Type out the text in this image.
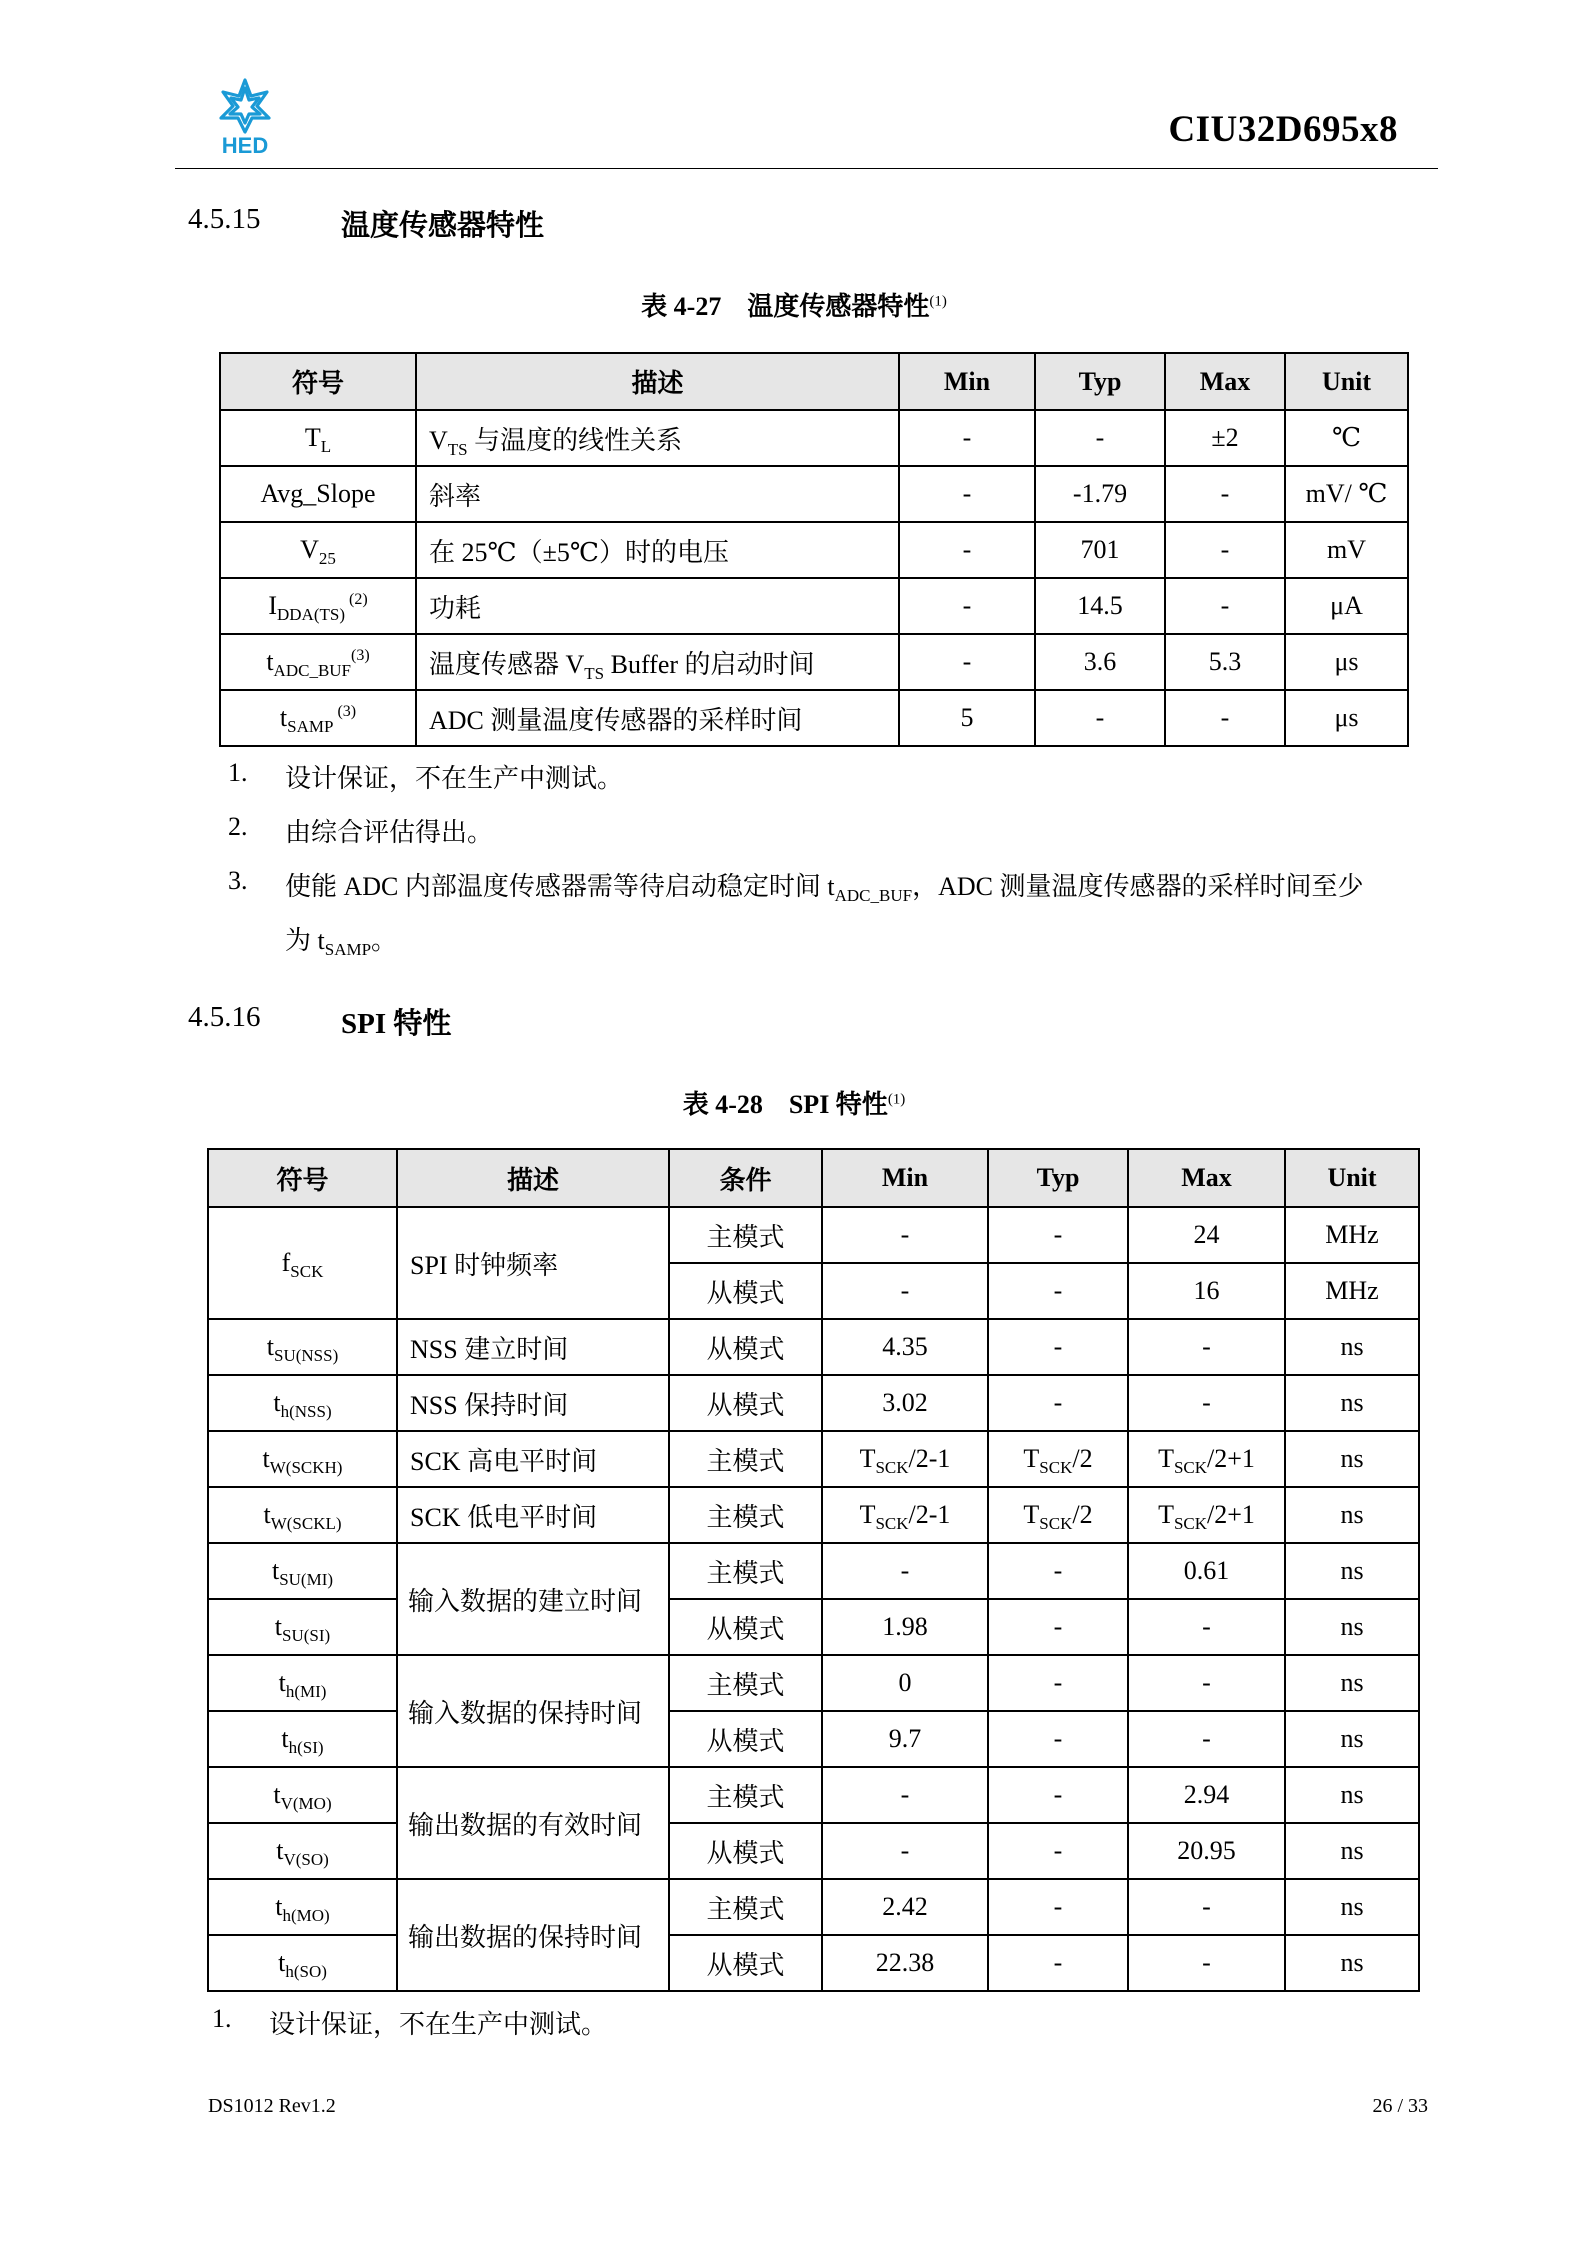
HED	CIU32D695x8
4.5.15	温度传感器特性
表 4-27　温度传感器特性$^{(1)}$
符号	描述	Min	Typ	Max	Unit
$T_L$	$V_{TS}$ 与温度的线性关系	-	-	±2	℃
Avg_Slope	斜率	-	-1.79	-	mV/ ℃
$V_{25}$	在 25℃（±5℃）时的电压	-	701	-	mV
$I_{DDA(TS)}$ $^{(2)}$	功耗	-	14.5	-	μA
$t_{ADC\_BUF}^{(3)}$	温度传感器 $V_{TS}$ Buffer 的启动时间	-	3.6	5.3	μs
$t_{SAMP}$ $^{(3)}$	ADC 测量温度传感器的采样时间	5	-	-	μs
1. 设计保证，不在生产中测试。
2. 由综合评估得出。
3. 使能 ADC 内部温度传感器需等待启动稳定时间 $t_{ADC\_BUF}$，ADC 测量温度传感器的采样时间至少
为 $t_{SAMP}$。
4.5.16	SPI 特性
表 4-28　SPI 特性$^{(1)}$
符号	描述	条件	Min	Typ	Max	Unit
$f_{SCK}$	SPI 时钟频率	主模式	-	-	24	MHz
		从模式	-	-	16	MHz
$t_{SU(NSS)}$	NSS 建立时间	从模式	4.35	-	-	ns
$t_{h(NSS)}$	NSS 保持时间	从模式	3.02	-	-	ns
$t_{W(SCKH)}$	SCK 高电平时间	主模式	$T_{SCK}/2-1$	$T_{SCK}/2$	$T_{SCK}/2+1$	ns
$t_{W(SCKL)}$	SCK 低电平时间	主模式	$T_{SCK}/2-1$	$T_{SCK}/2$	$T_{SCK}/2+1$	ns
$t_{SU(MI)}$	输入数据的建立时间	主模式	-	-	0.61	ns
$t_{SU(SI)}$		从模式	1.98	-	-	ns
$t_{h(MI)}$	输入数据的保持时间	主模式	0	-	-	ns
$t_{h(SI)}$		从模式	9.7	-	-	ns
$t_{V(MO)}$	输出数据的有效时间	主模式	-	-	2.94	ns
$t_{V(SO)}$		从模式	-	-	20.95	ns
$t_{h(MO)}$	输出数据的保持时间	主模式	2.42	-	-	ns
$t_{h(SO)}$		从模式	22.38	-	-	ns
1. 设计保证，不在生产中测试。
DS1012 Rev1.2	26 / 33
